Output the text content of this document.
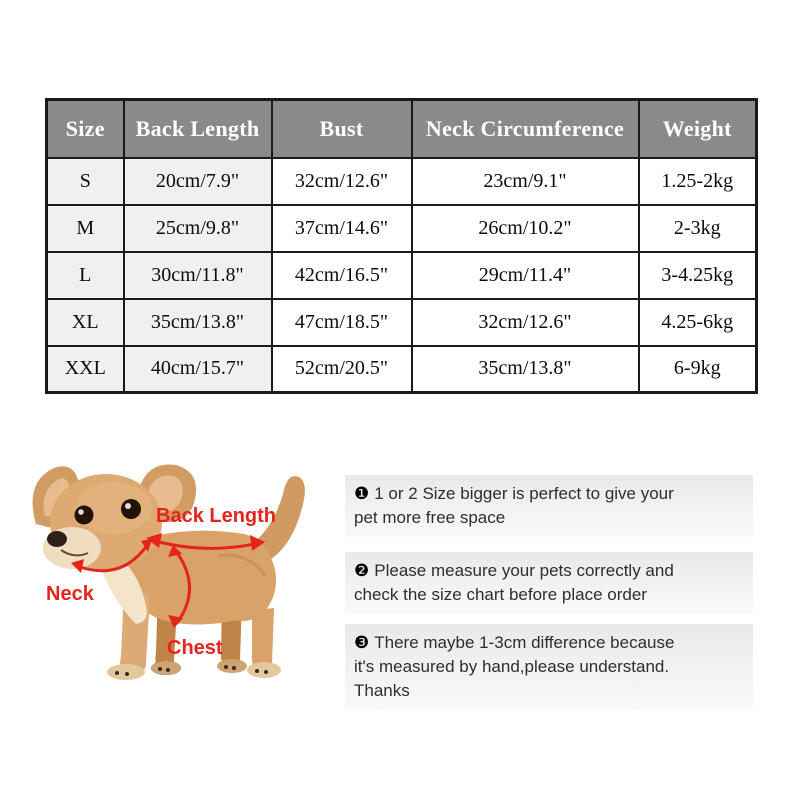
Size	Back Length	Bust	Neck Circumference	Weight
S	20cm/7.9"	32cm/12.6"	23cm/9.1"	1.25-2kg
M	25cm/9.8"	37cm/14.6"	26cm/10.2"	2-3kg
L	30cm/11.8"	42cm/16.5"	29cm/11.4"	3-4.25kg
XL	35cm/13.8"	47cm/18.5"	32cm/12.6"	4.25-6kg
XXL	40cm/15.7"	52cm/20.5"	35cm/13.8"	6-9kg
Back Length
Neck
Chest
❶ 1 or 2 Size bigger is perfect to give your
pet more free space
❷ Please measure your pets correctly and
check the size chart before place order
❸ There maybe 1-3cm difference because
it's measured by hand,please understand.
Thanks
